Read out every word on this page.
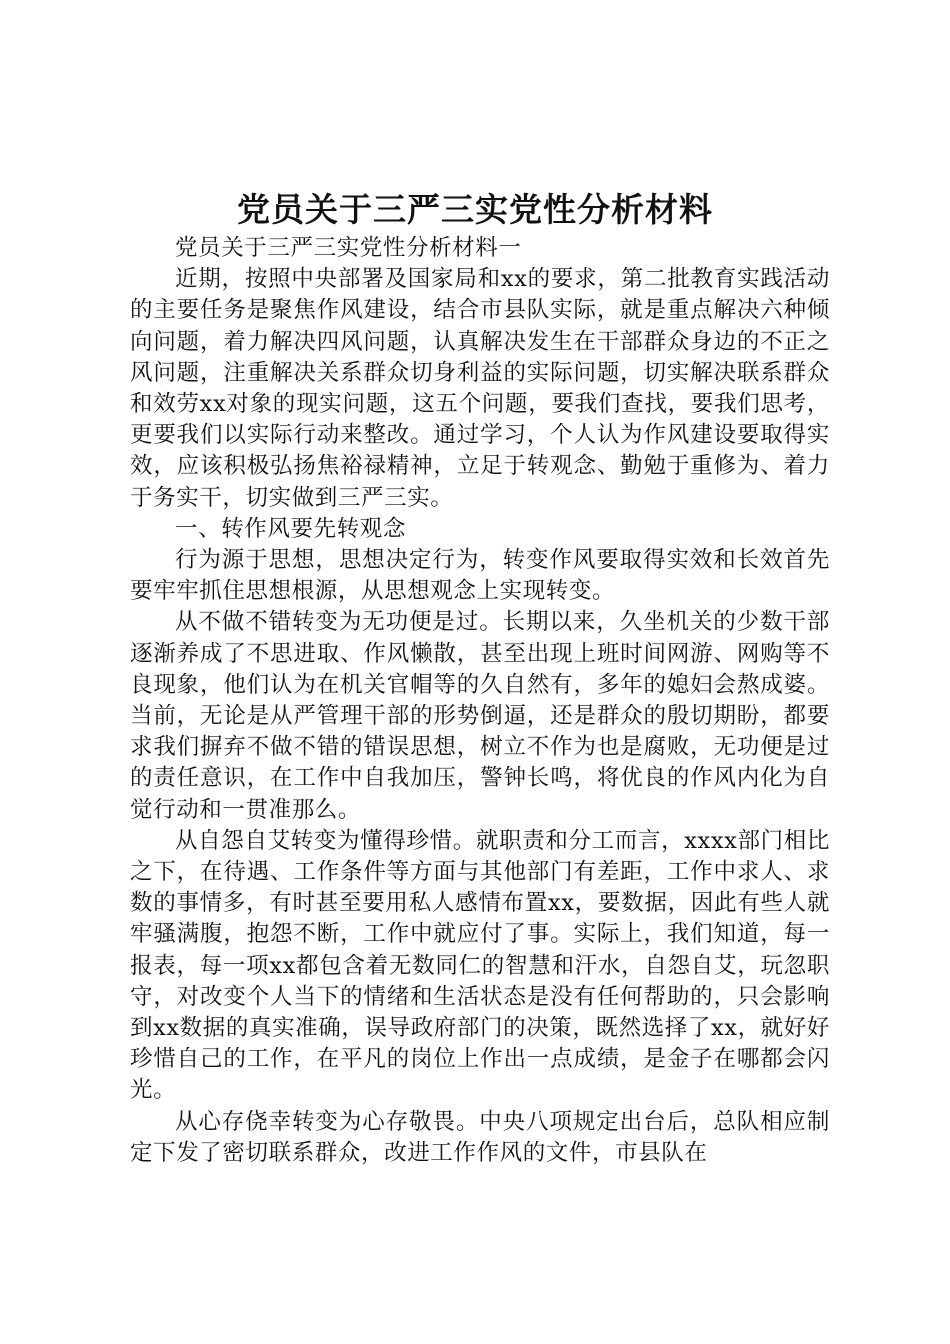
党员关于三严三实党性分析材料

党员关于三严三实党性分析材料一

近期，按照中央部署及国家局和xx的要求，第二批教育实践活动的主要任务是聚焦作风建设，结合市县队实际，就是重点解决六种倾向问题，着力解决四风问题，认真解决发生在干部群众身边的不正之风问题，注重解决关系群众切身利益的实际问题，切实解决联系群众和效劳xx对象的现实问题，这五个问题，要我们查找，要我们思考，更要我们以实际行动来整改。通过学习，个人认为作风建设要取得实效，应该积极弘扬焦裕禄精神，立足于转观念、勤勉于重修为、着力于务实干，切实做到三严三实。

一、转作风要先转观念

行为源于思想，思想决定行为，转变作风要取得实效和长效首先要牢牢抓住思想根源，从思想观念上实现转变。

从不做不错转变为无功便是过。长期以来，久坐机关的少数干部逐渐养成了不思进取、作风懒散，甚至出现上班时间网游、网购等不良现象，他们认为在机关官帽等的久自然有，多年的媳妇会熬成婆。当前，无论是从严管理干部的形势倒逼，还是群众的殷切期盼，都要求我们摒弃不做不错的错误思想，树立不作为也是腐败，无功便是过的责任意识，在工作中自我加压，警钟长鸣，将优良的作风内化为自觉行动和一贯准那么。

从自怨自艾转变为懂得珍惜。就职责和分工而言，xxxx部门相比之下，在待遇、工作条件等方面与其他部门有差距，工作中求人、求数的事情多，有时甚至要用私人感情布置xx，要数据，因此有些人就牢骚满腹，抱怨不断，工作中就应付了事。实际上，我们知道，每一报表，每一项xx都包含着无数同仁的智慧和汗水，自怨自艾，玩忽职守，对改变个人当下的情绪和生活状态是没有任何帮助的，只会影响到xx数据的真实准确，误导政府部门的决策，既然选择了xx，就好好珍惜自己的工作，在平凡的岗位上作出一点成绩，是金子在哪都会闪光。

从心存侥幸转变为心存敬畏。中央八项规定出台后，总队相应制定下发了密切联系群众，改进工作作风的文件，市县队在
